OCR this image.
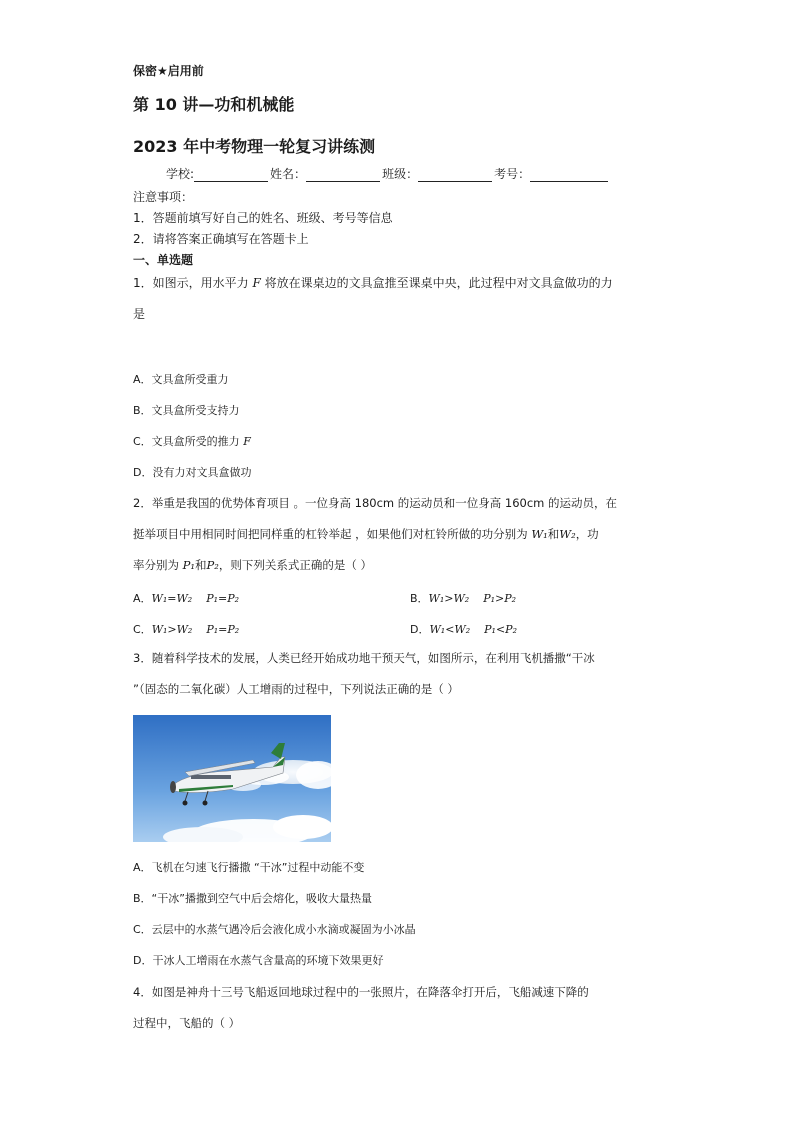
保密★启用前
第 10 讲—功和机械能
2023 年中考物理一轮复习讲练测
学校:	姓名：	班级：	考号：
注意事项：
1．答题前填写好自己的姓名、班级、考号等信息
2．请将答案正确填写在答题卡上
一、单选题
1．如图示，用水平力 F 将放在课桌边的文具盒推至课桌中央，此过程中对文具盒做功的力
是
A．文具盒所受重力
B．文具盒所受支持力
C．文具盒所受的推力 F
D．没有力对文具盒做功
2．举重是我国的优势体育项目 。一位身高 180cm 的运动员和一位身高 160cm 的运动员，在
挺举项目中用相同时间把同样重的杠铃举起 ，如果他们对杠铃所做的功分别为 W₁和W₂，功
率分别为 P₁和P₂，则下列关系式正确的是（ ）
A．W₁=W₂ P₁=P₂	B．W₁>W₂ P₁>P₂
C．W₁>W₂ P₁=P₂	D．W₁<W₂ P₁<P₂
3．随着科学技术的发展，人类已经开始成功地干预天气，如图所示，在利用飞机播撒“干冰
”（固态的二氧化碳）人工增雨的过程中，下列说法正确的是（ ）
A．飞机在匀速飞行播撒 “干冰”过程中动能不变
B．“干冰”播撒到空气中后会熔化，吸收大量热量
C．云层中的水蒸气遇冷后会液化成小水滴或凝固为小冰晶
D．干冰人工增雨在水蒸气含量高的环境下效果更好
4．如图是神舟十三号飞船返回地球过程中的一张照片，在降落伞打开后，飞船减速下降的
过程中，飞船的（ ）
